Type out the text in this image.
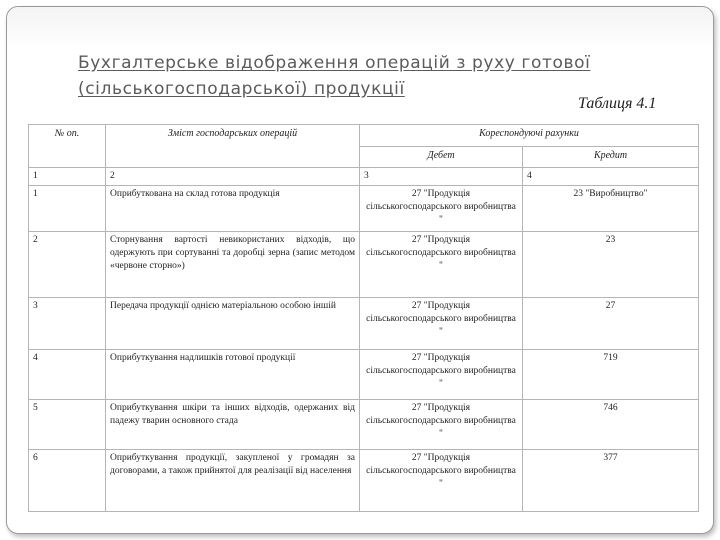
Бухгалтерське відображення операцій з руху готової
(сільськогосподарської) продукції
Таблиця 4.1
№ оп.	Зміст господарських операцій	Кореспондуючі рахунки	
		Дебет	Кредит
1	2	3	4
1	Оприбуткована на склад готова продукція	27 "Продукція сільськогосподарського виробництва "	23 "Виробництво"
2	Сторнування вартості невикористаних відходів, що одержують при сортуванні та доробці зерна (запис методом «червоне сторно»)	27 "Продукція сільськогосподарського виробництва "	23
3	Передача продукції однією матеріальною особою іншій	27 "Продукція сільськогосподарського виробництва "	27
4	Оприбуткування надлишків готової продукції	27 "Продукція сільськогосподарського виробництва "	719
5	Оприбуткування шкіри та інших відходів, одержаних від падежу тварин основного стада	27 "Продукція сільськогосподарського виробництва "	746
6	Оприбуткування продукції, закупленої у громадян за договорами, а також прийнятої для реалізації від населення	27 "Продукція сільськогосподарського виробництва "	377
